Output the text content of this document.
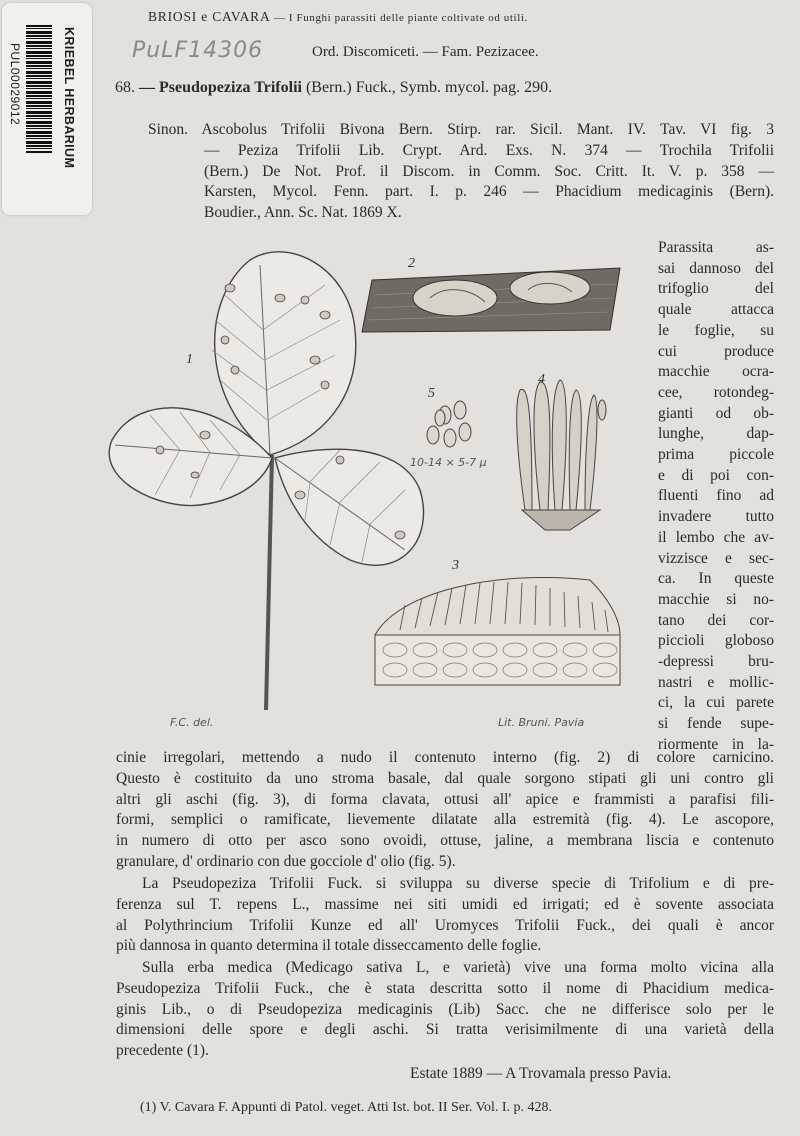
KRIEBEL HERBARIUM
PUL00029012	PuLF14306
BRIOSI e CAVARA — I Funghi parassiti delle piante coltivate od utili.
Ord. Discomiceti. — Fam. Pezizacee.
68. — Pseudopeziza Trifolii (Bern.) Fuck., Symb. mycol. pag. 290.
Sinon. Ascobolus Trifolii Bivona Bern. Stirp. rar. Sicil. Mant. IV. Tav. VI fig. 3
— Peziza Trifolii Lib. Crypt. Ard. Exs. N. 374 — Trochila Trifolii
(Bern.) De Not. Prof. il Discom. in Comm. Soc. Critt. It. V. p. 358 —
Karsten, Mycol. Fenn. part. I. p. 246 — Phacidium medicaginis (Bern).
Boudier., Ann. Sc. Nat. 1869 X.
1
2
3
4
5
10-14 × 5-7 μ
F.C. del.	Lit. Bruni. Pavia
Parassita as-
sai dannoso del
trifoglio del
quale attacca
le foglie, su
cui produce
macchie ocra-
cee, rotondeg-
gianti od ob-
lunghe, dap-
prima piccole
e di poi con-
fluenti fino ad
invadere tutto
il lembo che av-
vizzisce e sec-
ca. In queste
macchie si no-
tano dei cor-
piccioli globoso
-depressi bru-
nastri e mollic-
ci, la cui parete
si fende supe-
riormente in la-
cinie irregolari, mettendo a nudo il contenuto interno (fig. 2) di colore carnicino.
Questo è costituito da uno stroma basale, dal quale sorgono stipati gli uni contro gli
altri gli aschi (fig. 3), di forma clavata, ottusi all' apice e frammisti a parafisi fili-
formi, semplici o ramificate, lievemente dilatate alla estremità (fig. 4). Le ascopore,
in numero di otto per asco sono ovoidi, ottuse, jaline, a membrana liscia e contenuto
granulare, d' ordinario con due gocciole d' olio (fig. 5).
La Pseudopeziza Trifolii Fuck. si sviluppa su diverse specie di Trifolium e di pre-
ferenza sul T. repens L., massime nei siti umidi ed irrigati; ed è sovente associata
al Polythrincium Trifolii Kunze ed all' Uromyces Trifolii Fuck., dei quali è ancor
più dannosa in quanto determina il totale disseccamento delle foglie.
Sulla erba medica (Medicago sativa L, e varietà) vive una forma molto vicina alla
Pseudopeziza Trifolii Fuck., che è stata descritta sotto il nome di Phacidium medica-
ginis Lib., o di Pseudopeziza medicaginis (Lib) Sacc. che ne differisce solo per le
dimensioni delle spore e degli aschi. Si tratta verisimilmente di una varietà della
precedente (1).
Estate 1889 — A Trovamala presso Pavia.
(1) V. Cavara F. Appunti di Patol. veget. Atti Ist. bot. II Ser. Vol. I. p. 428.
